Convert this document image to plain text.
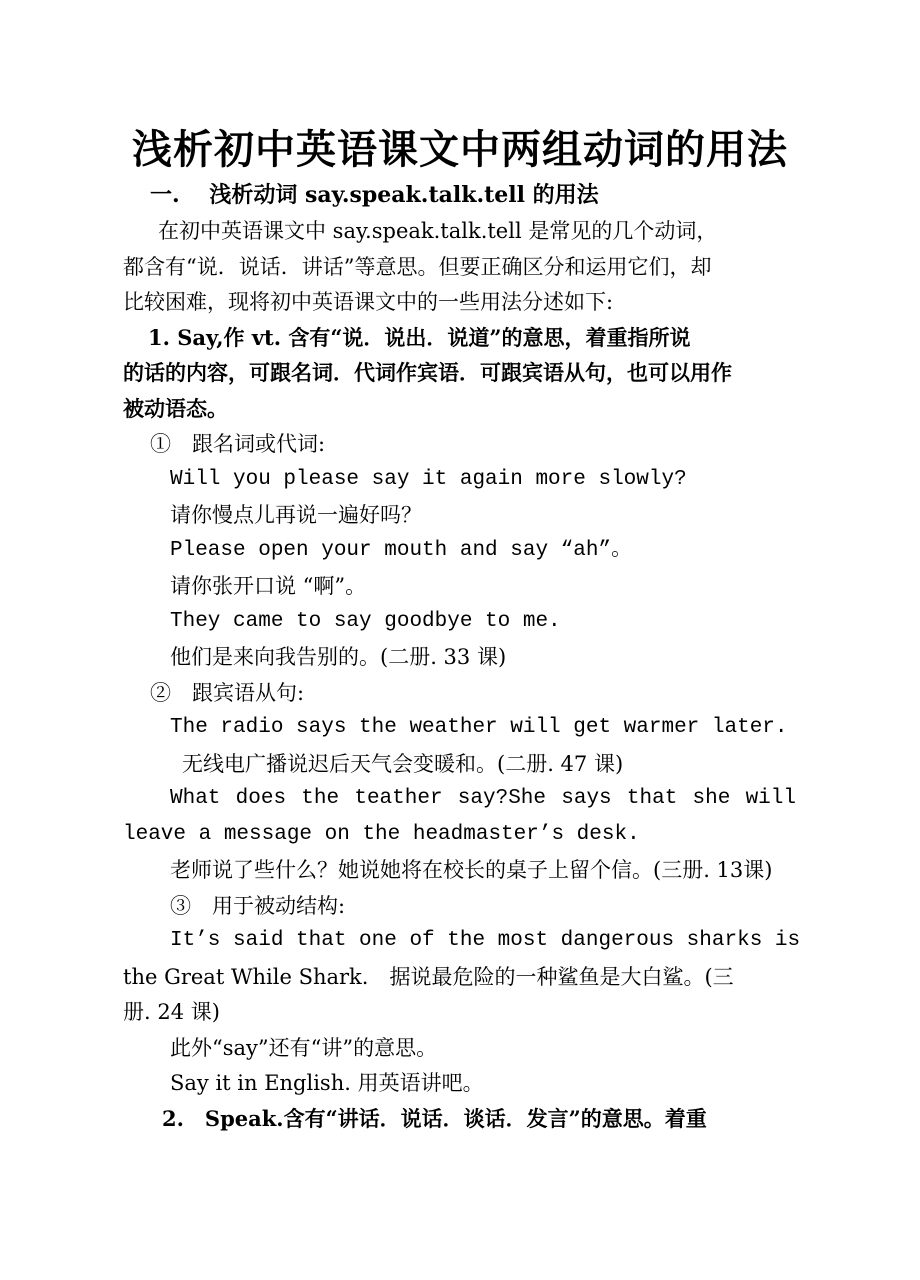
浅析初中英语课文中两组动词的用法
一.　 浅析动词 say.speak.talk.tell 的用法
在初中英语课文中 say.speak.talk.tell 是常见的几个动词，
都含有“说．说话．讲话”等意思。但要正确区分和运用它们，却
比较困难，现将初中英语课文中的一些用法分述如下:
1. Say,作 vt. 含有“说．说出．说道”的意思，着重指所说
的话的内容，可跟名词．代词作宾语．可跟宾语从句，也可以用作
被动语态。
①　跟名词或代词:
Will you please say it again more slowly?
请你慢点儿再说一遍好吗？
Please open your mouth and say “ah”。
请你张开口说 “啊”。
They came to say goodbye to me.
他们是来向我告别的。(二册. 33 课)
②　跟宾语从句:
The radio says the weather will get warmer later.
无线电广播说迟后天气会变暖和。(二册. 47 课)
What does the teather say?She says that she will
leave a message on the headmaster’s desk.
老师说了些什么？她说她将在校长的桌子上留个信。(三册. 13课)
③　用于被动结构:
It’s said that one of the most dangerous sharks is
the Great While Shark.　据说最危险的一种鲨鱼是大白鲨。(三
册. 24 课)
此外“say”还有“讲”的意思。
Say it in English. 用英语讲吧。
2.　Speak.含有“讲话．说话．谈话．发言”的意思。着重
